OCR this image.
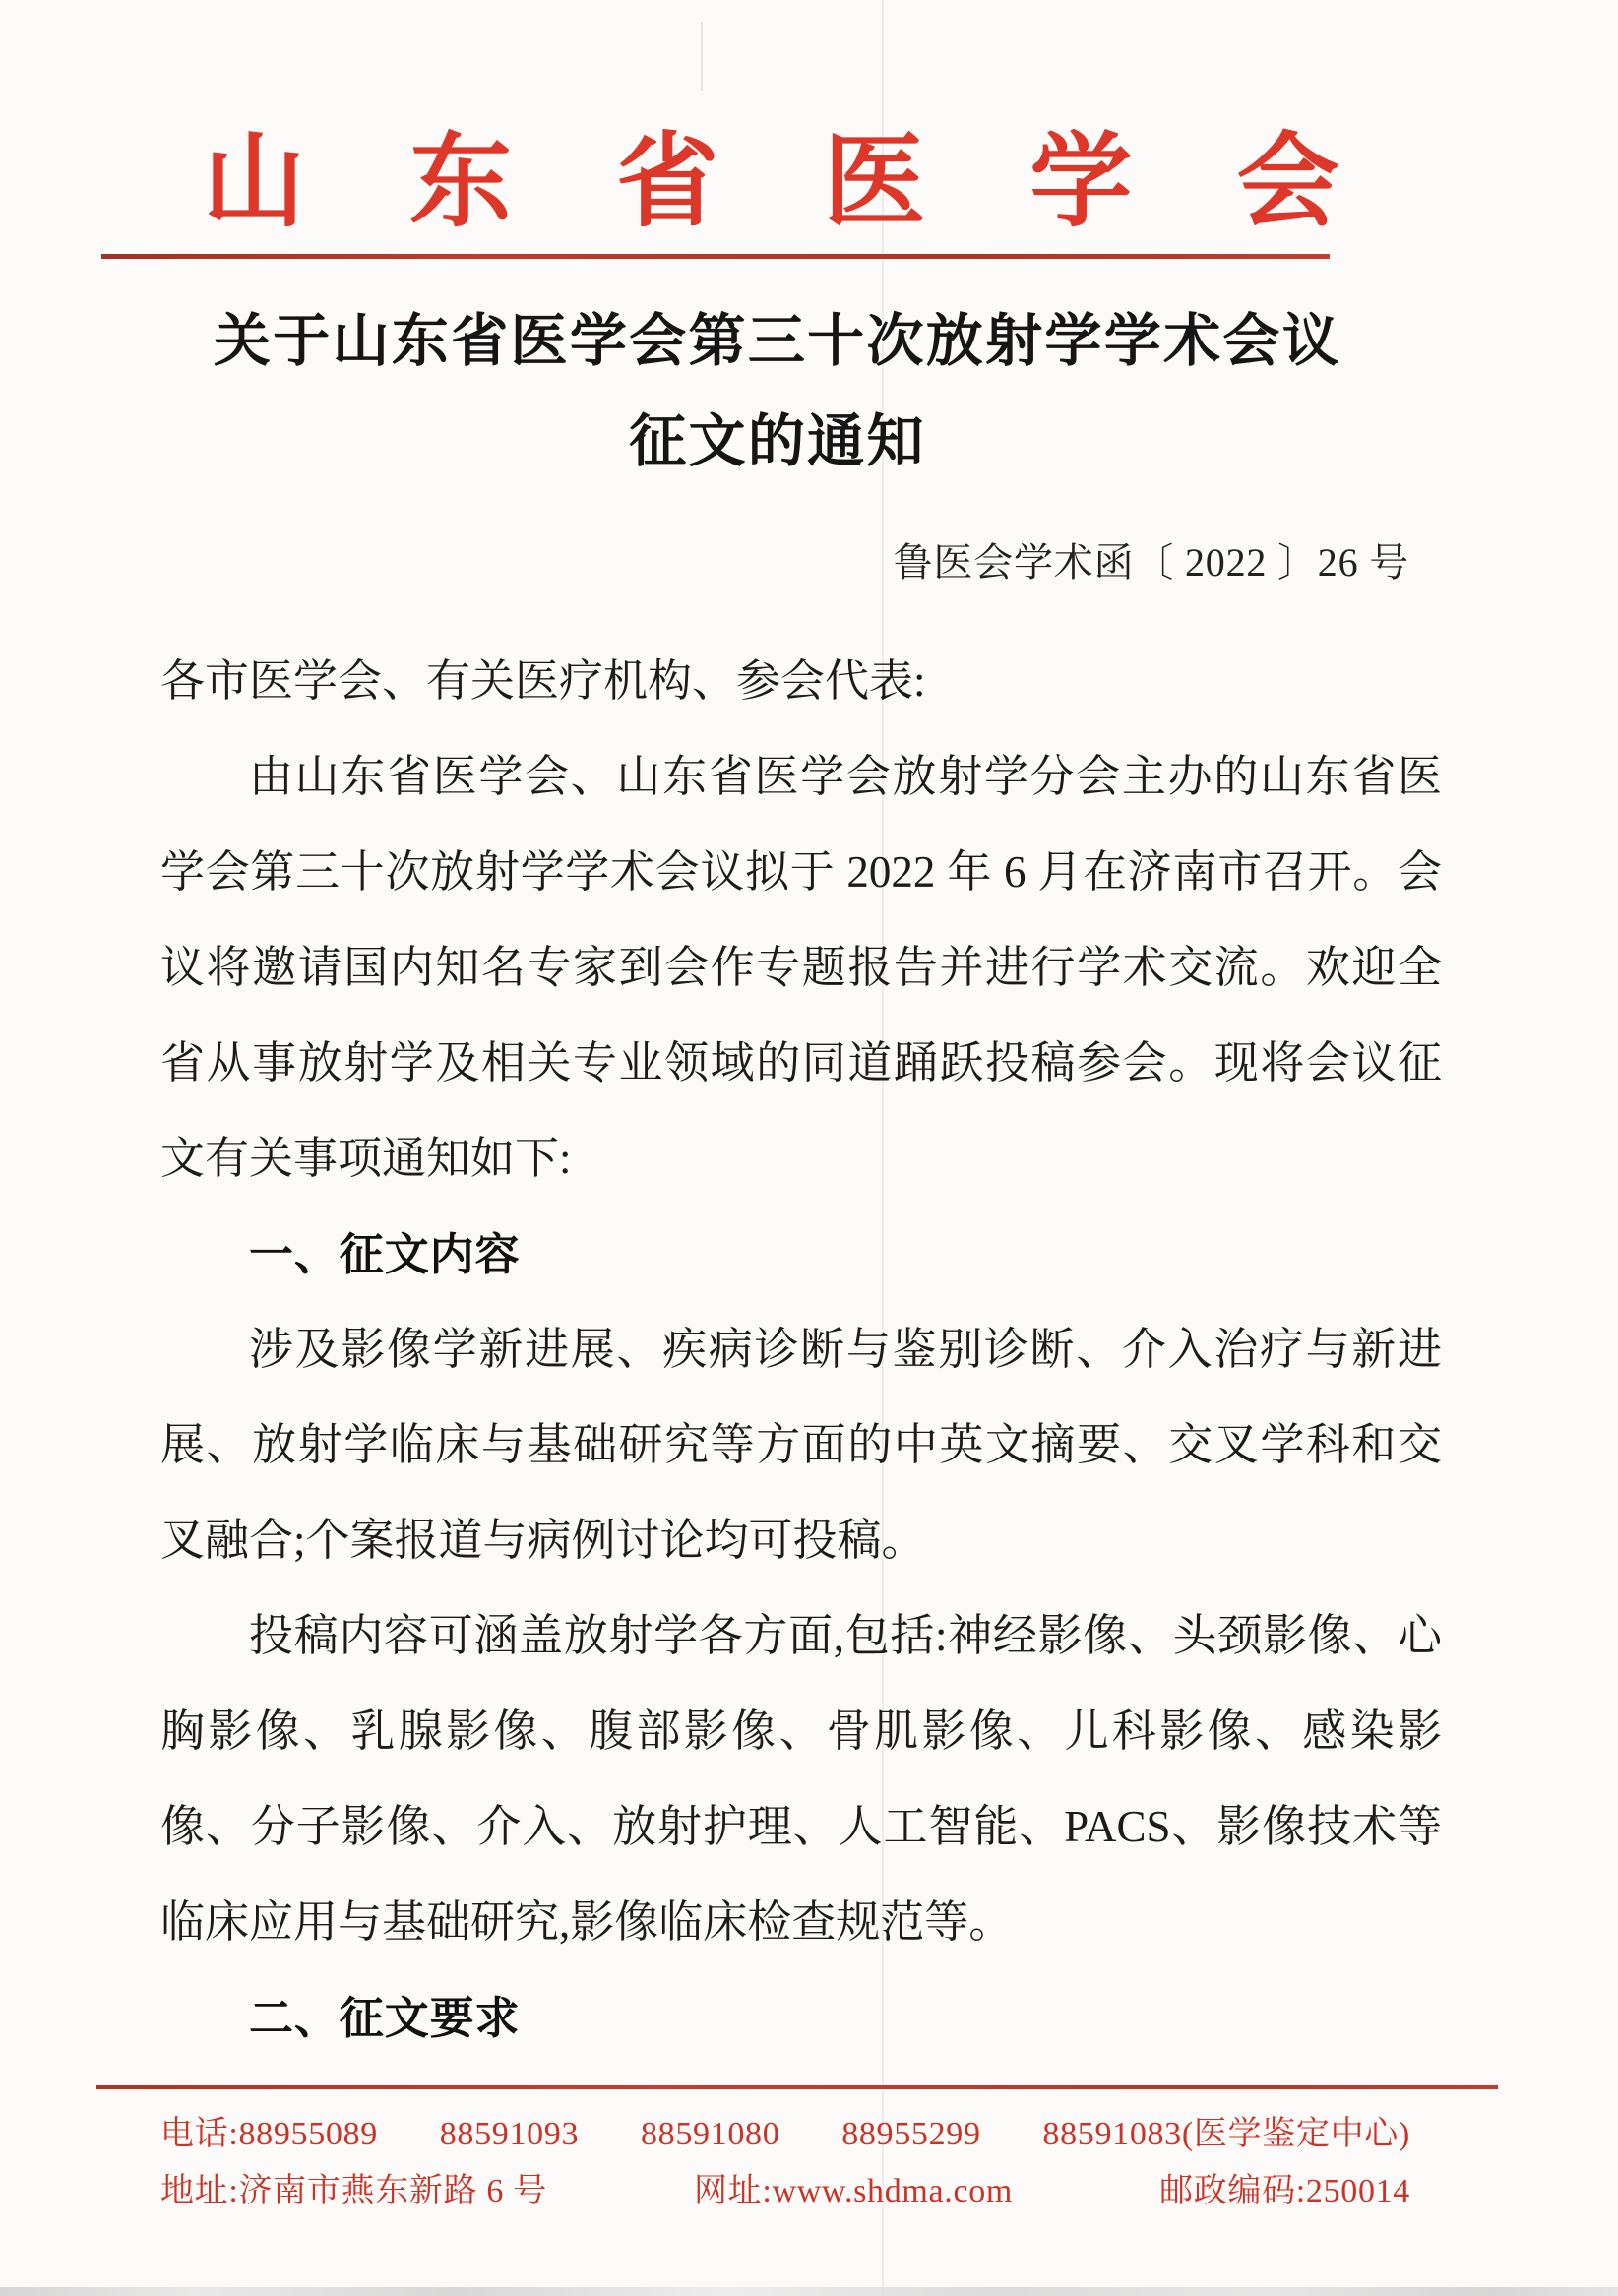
山东省医学会
关于山东省医学会第三十次放射学学术会议
征文的通知
鲁医会学术函〔 2022 〕26 号

各市医学会、有关医疗机构、参会代表:

由山东省医学会、山东省医学会放射学分会主办的山东省医学会第三十次放射学学术会议拟于 2022 年 6 月在济南市召开。会议将邀请国内知名专家到会作专题报告并进行学术交流。欢迎全省从事放射学及相关专业领域的同道踊跃投稿参会。现将会议征文有关事项通知如下:

一、征文内容

涉及影像学新进展、疾病诊断与鉴别诊断、介入治疗与新进展、放射学临床与基础研究等方面的中英文摘要、交叉学科和交叉融合;个案报道与病例讨论均可投稿。

投稿内容可涵盖放射学各方面,包括:神经影像、头颈影像、心胸影像、乳腺影像、腹部影像、骨肌影像、儿科影像、感染影像、分子影像、介入、放射护理、人工智能、PACS、影像技术等临床应用与基础研究,影像临床检查规范等。

二、征文要求

电话:88955089 88591093 88591080 88955299 88591083(医学鉴定中心)
地址:济南市燕东新路 6 号	网址:www.shdma.com	邮政编码:250014
